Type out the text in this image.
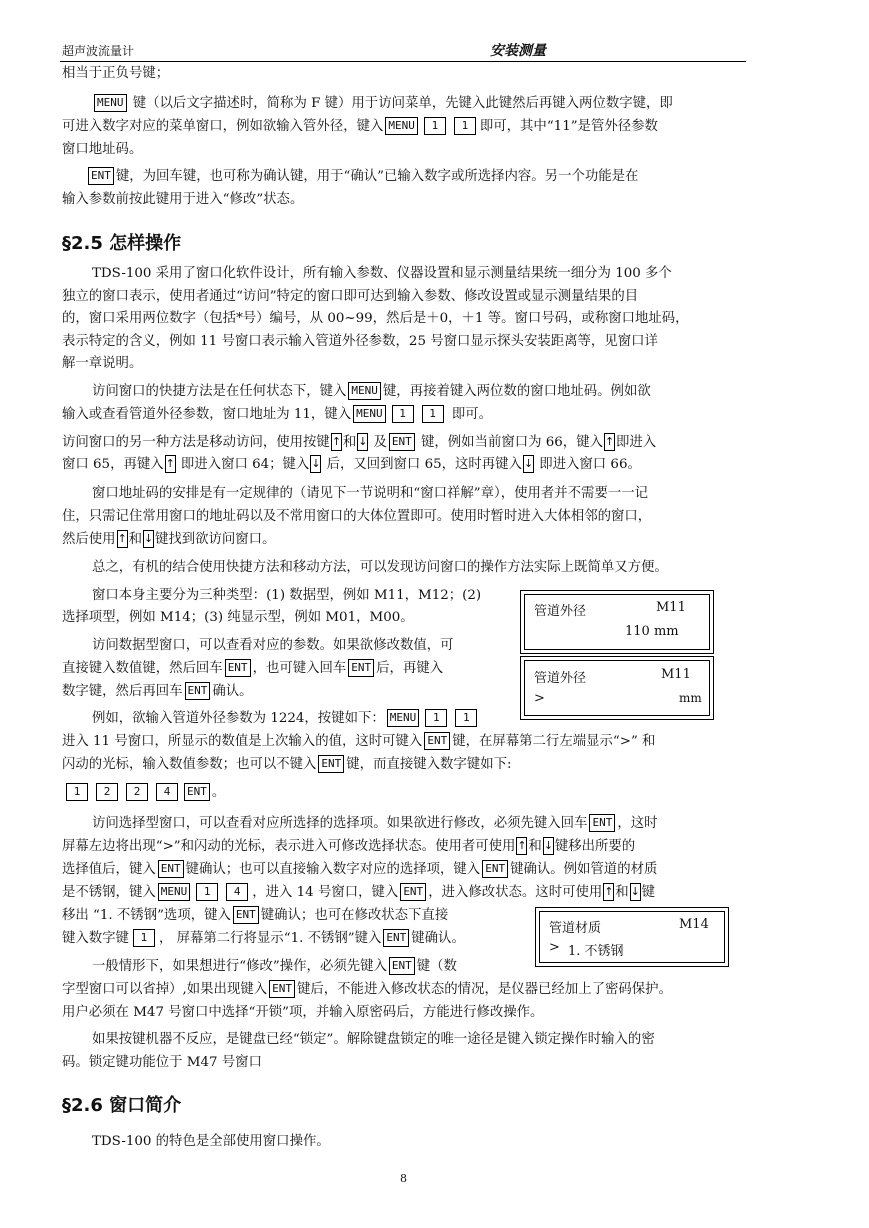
超声波流量计	安装测量
相当于正负号键；
MENU 键（以后文字描述时，简称为 F 键）用于访问菜单，先键入此键然后再键入两位数字键，即
可进入数字对应的菜单窗口，例如欲输入管外径，键入 MENU 1 1 即可，其中“11”是管外径参数
窗口地址码。
ENT 键，为回车键，也可称为确认键，用于“确认”已输入数字或所选择内容。另一个功能是在
输入参数前按此键用于进入“修改”状态。
§2.5 怎样操作
TDS-100 采用了窗口化软件设计，所有输入参数、仪器设置和显示测量结果统一细分为 100 多个
独立的窗口表示，使用者通过“访问”特定的窗口即可达到输入参数、修改设置或显示测量结果的目
的，窗口采用两位数字（包括*号）编号，从 00~99，然后是＋0，＋1 等。窗口号码，或称窗口地址码，
表示特定的含义，例如 11 号窗口表示输入管道外径参数，25 号窗口显示探头安装距离等，见窗口详
解一章说明。
访问窗口的快捷方法是在任何状态下，键入 MENU 键，再接着键入两位数的窗口地址码。例如欲
输入或查看管道外径参数，窗口地址为 11，键入 MENU 1 1 即可。
访问窗口的另一种方法是移动访问，使用按键 ↑ 和 ↓ 及 ENT 键，例如当前窗口为 66，键入 ↑ 即进入
窗口 65，再键入 ↑ 即进入窗口 64；键入 ↓ 后，又回到窗口 65，这时再键入 ↓ 即进入窗口 66。
窗口地址码的安排是有一定规律的（请见下一节说明和“窗口祥解”章），使用者并不需要一一记
住，只需记住常用窗口的地址码以及不常用窗口的大体位置即可。使用时暂时进入大体相邻的窗口，
然后使用 ↑ 和 ↓ 键找到欲访问窗口。
总之，有机的结合使用快捷方法和移动方法，可以发现访问窗口的操作方法实际上既简单又方便。
窗口本身主要分为三种类型：(1) 数据型，例如 M11，M12；(2)
选择项型，例如 M14；(3) 纯显示型，例如 M01，M00。
访问数据型窗口，可以查看对应的参数。如果欲修改数值，可
直接键入数值键，然后回车 ENT ，也可键入回车 ENT 后，再键入
数字键，然后再回车 ENT 确认。
例如，欲输入管道外径参数为 1224，按键如下： MENU 1 1
进入 11 号窗口，所显示的数值是上次输入的值，这时可键入 ENT 键，在屏幕第二行左端显示“>” 和
闪动的光标，输入数值参数；也可以不键入 ENT 键，而直接键入数字键如下:
1 2 2 4 ENT 。
访问选择型窗口，可以查看对应所选择的选择项。如果欲进行修改，必须先键入回车 ENT ，这时
屏幕左边将出现“>”和闪动的光标，表示进入可修改选择状态。使用者可使用 ↑ 和 ↓ 键移出所要的
选择值后，键入 ENT 键确认；也可以直接输入数字对应的选择项，键入 ENT 键确认。例如管道的材质
是不锈钢，键入 MENU 1 4 ，进入 14 号窗口，键入 ENT ，进入修改状态。这时可使用 ↑ 和 ↓ 键
移出 “1. 不锈钢”选项，键入 ENT 键确认；也可在修改状态下直接
键入数字键 1 ， 屏幕第二行将显示“1. 不锈钢”键入 ENT 键确认。
一般情形下，如果想进行“修改”操作，必须先键入 ENT 键（数
字型窗口可以省掉）,如果出现键入 ENT 键后，不能进入修改状态的情况，是仪器已经加上了密码保护。
用户必须在 M47 号窗口中选择“开锁”项，并输入原密码后，方能进行修改操作。
如果按键机器不反应，是键盘已经“锁定”。解除键盘锁定的唯一途径是键入锁定操作时输入的密
码。锁定键功能位于 M47 号窗口
§2.6 窗口简介
TDS-100 的特色是全部使用窗口操作。
管道外径	M11
110 mm
管道外径	M11
>	mm
管道材质	M14
> 1. 不锈钢
8
